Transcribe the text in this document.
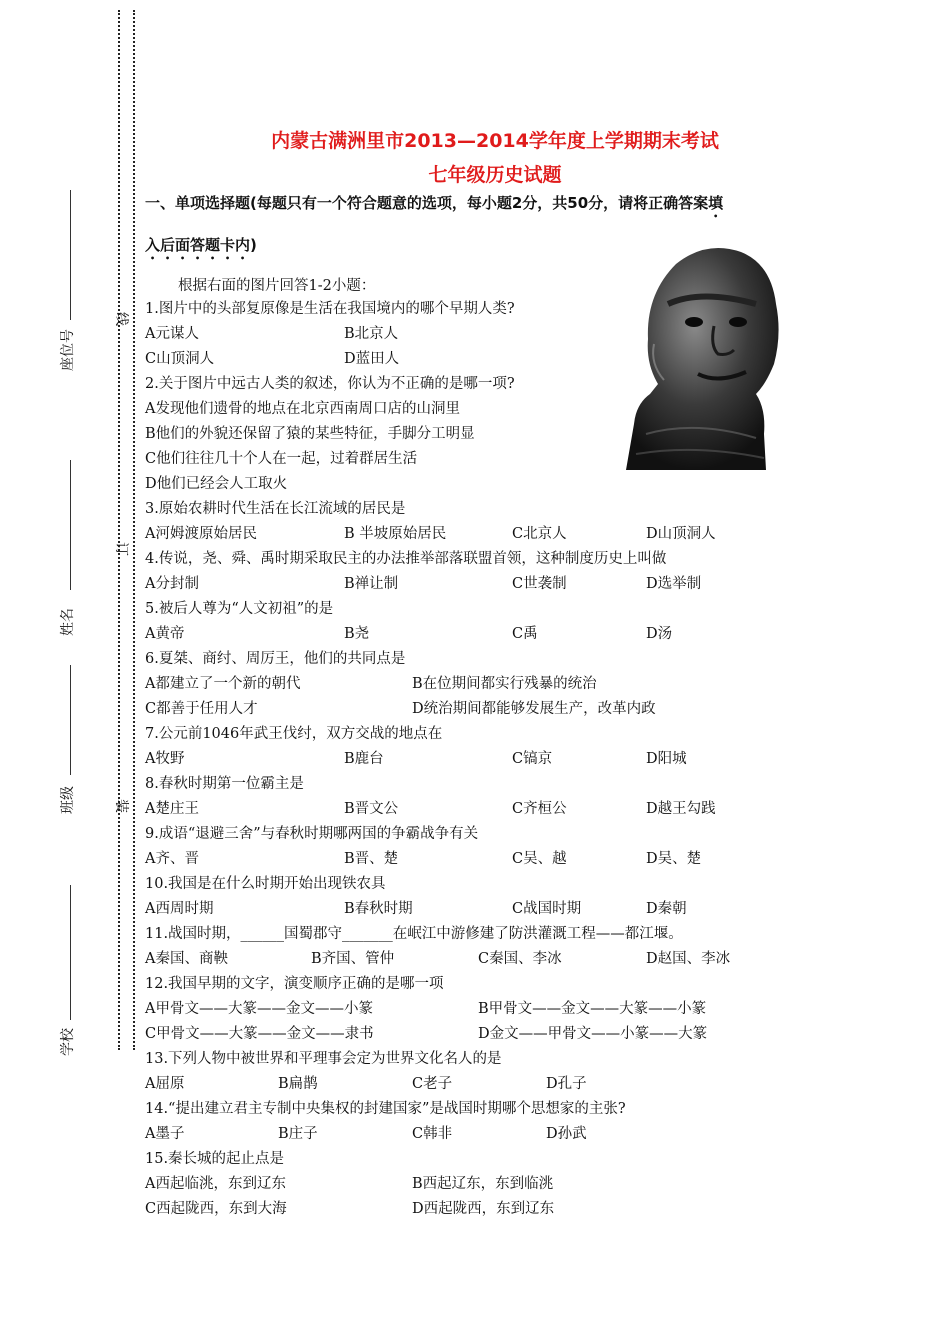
座位号
姓名
班级
学校
线
订
装
内蒙古满洲里市2013—2014学年度上学期期末考试
七年级历史试题
一、单项选择题(每题只有一个符合题意的选项，每小题2分，共50分，请将正确答案填
入后面答题卡内)
根据右面的图片回答1-2小题：
1.图片中的头部复原像是生活在我国境内的哪个早期人类?
A元谋人	B北京人
C山顶洞人	D蓝田人
2.关于图片中远古人类的叙述，你认为不正确的是哪一项?
A发现他们遗骨的地点在北京西南周口店的山洞里
B他们的外貌还保留了猿的某些特征，手脚分工明显
C他们往往几十个人在一起，过着群居生活
D他们已经会人工取火
3.原始农耕时代生活在长江流域的居民是
A河姆渡原始居民	B 半坡原始居民	C北京人	D山顶洞人
4.传说，尧、舜、禹时期采取民主的办法推举部落联盟首领，这种制度历史上叫做
A分封制	B禅让制	C世袭制	D选举制
5.被后人尊为“人文初祖”的是
A黄帝	B尧	C禹	D汤
6.夏桀、商纣、周厉王，他们的共同点是
A都建立了一个新的朝代	B在位期间都实行残暴的统治
C都善于任用人才	D统治期间都能够发展生产，改革内政
7.公元前1046年武王伐纣，双方交战的地点在
A牧野	B鹿台	C镐京	D阳城
8.春秋时期第一位霸主是
A楚庄王	B晋文公	C齐桓公	D越王勾践
9.成语“退避三舍”与春秋时期哪两国的争霸战争有关
A齐、晋	B晋、楚	C吴、越	D吴、楚
10.我国是在什么时期开始出现铁农具
A西周时期	B春秋时期	C战国时期	D秦朝
11.战国时期，______国蜀郡守_______在岷江中游修建了防洪灌溉工程——都江堰。
A秦国、商鞅	B齐国、管仲	C秦国、李冰	D赵国、李冰
12.我国早期的文字，演变顺序正确的是哪一项
A甲骨文——大篆——金文——小篆	B甲骨文——金文——大篆——小篆
C甲骨文——大篆——金文——隶书	D金文——甲骨文——小篆——大篆
13.下列人物中被世界和平理事会定为世界文化名人的是
A屈原	B扁鹊	C老子	D孔子
14.“提出建立君主专制中央集权的封建国家”是战国时期哪个思想家的主张?
A墨子	B庄子	C韩非	D孙武
15.秦长城的起止点是
A西起临洮，东到辽东	B西起辽东，东到临洮
C西起陇西，东到大海	D西起陇西，东到辽东
